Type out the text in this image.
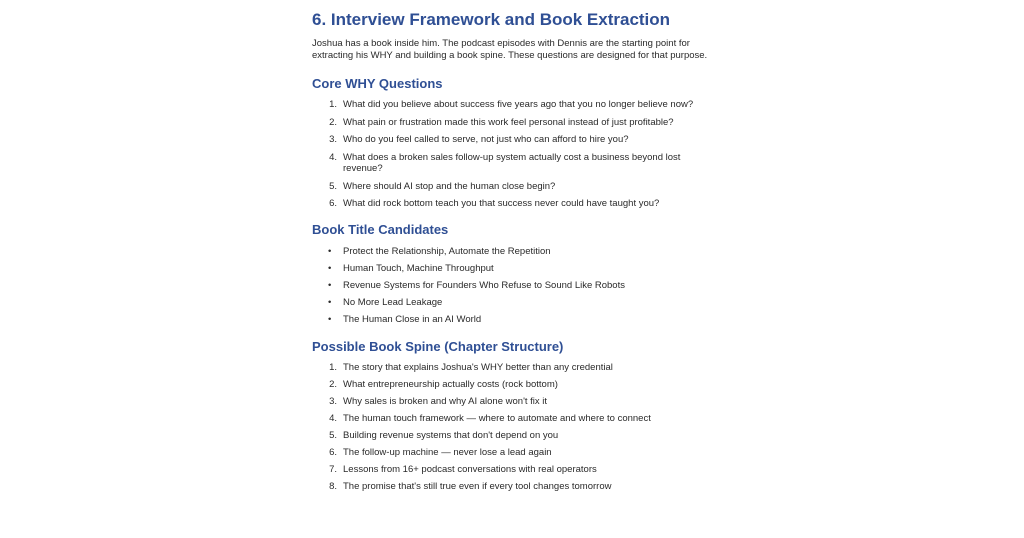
6. Interview Framework and Book Extraction

Joshua has a book inside him. The podcast episodes with Dennis are the starting point for extracting his WHY and building a book spine. These questions are designed for that purpose.

Core WHY Questions
1. What did you believe about success five years ago that you no longer believe now?
2. What pain or frustration made this work feel personal instead of just profitable?
3. Who do you feel called to serve, not just who can afford to hire you?
4. What does a broken sales follow-up system actually cost a business beyond lost revenue?
5. Where should AI stop and the human close begin?
6. What did rock bottom teach you that success never could have taught you?
Book Title Candidates
•	Protect the Relationship, Automate the Repetition
•	Human Touch, Machine Throughput
•	Revenue Systems for Founders Who Refuse to Sound Like Robots
•	No More Lead Leakage
•	The Human Close in an AI World
Possible Book Spine (Chapter Structure)
1. The story that explains Joshua's WHY better than any credential
2. What entrepreneurship actually costs (rock bottom)
3. Why sales is broken and why AI alone won't fix it
4. The human touch framework — where to automate and where to connect
5. Building revenue systems that don't depend on you
6. The follow-up machine — never lose a lead again
7. Lessons from 16+ podcast conversations with real operators
8. The promise that's still true even if every tool changes tomorrow
